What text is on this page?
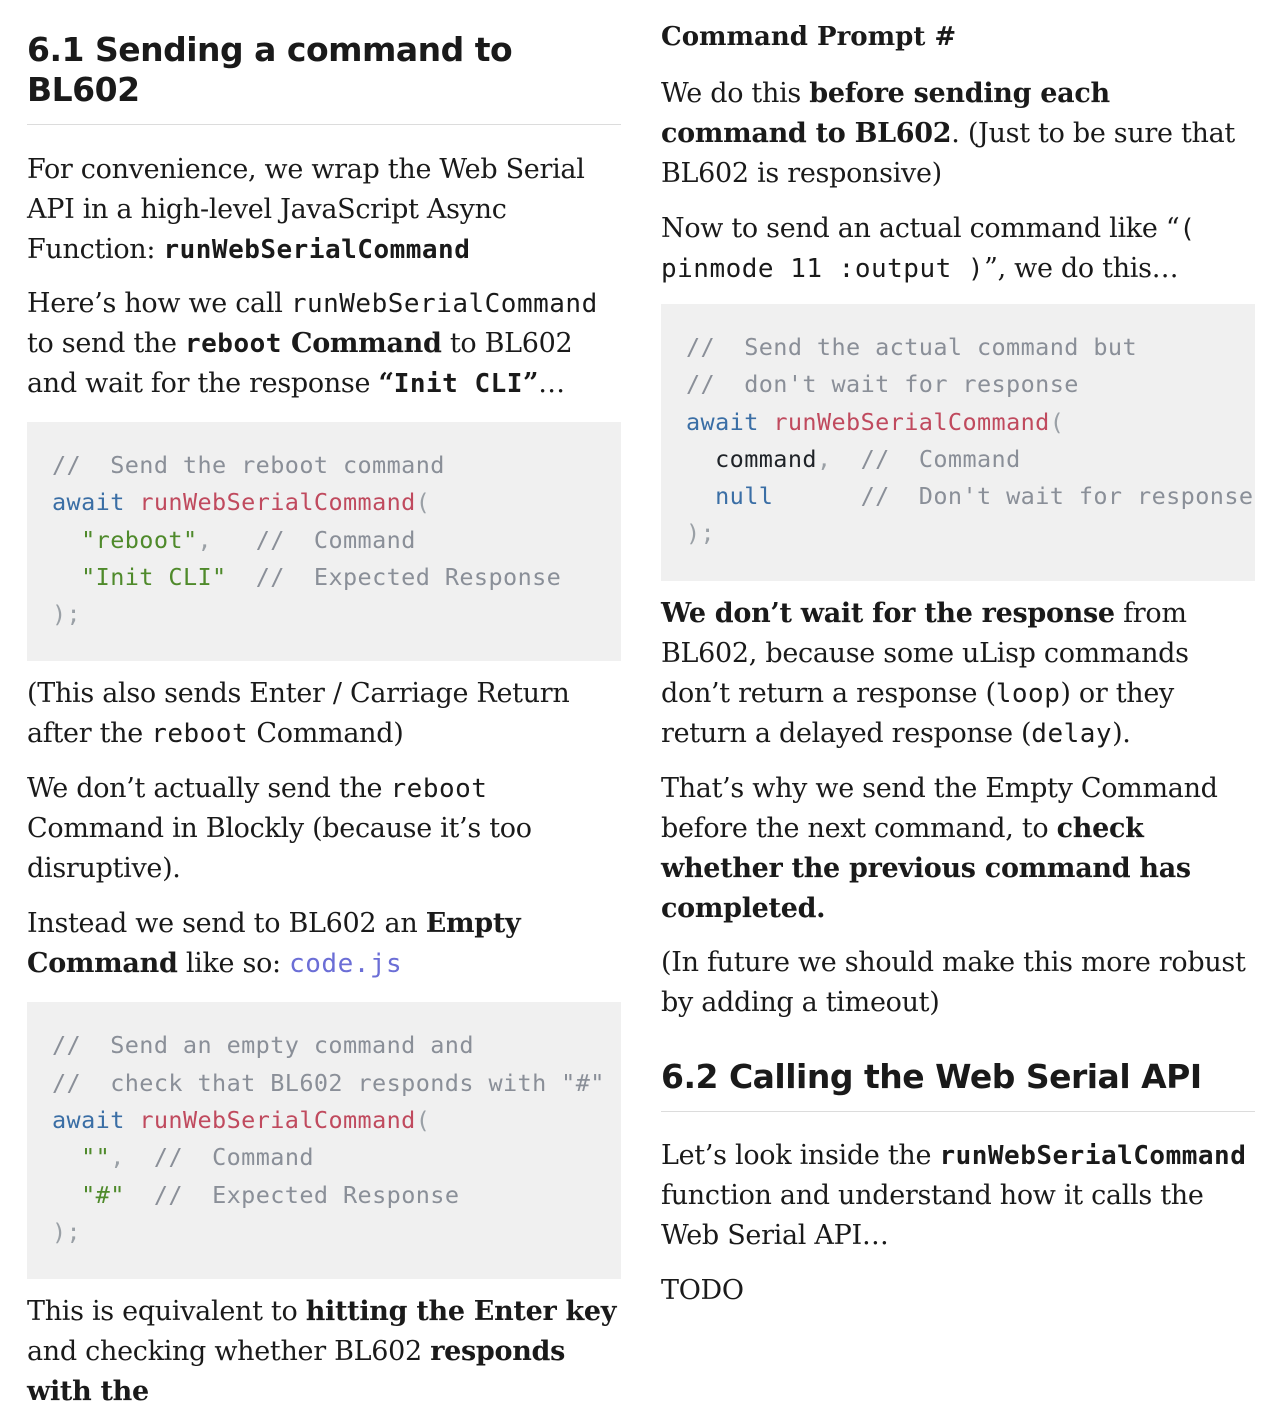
6.1 Sending a command to BL602

For convenience, we wrap the Web Serial API in a high-level JavaScript Async Function: runWebSerialCommand

Here’s how we call runWebSerialCommand to send the reboot Command to BL602 and wait for the response “Init CLI”…

//  Send the reboot command
await runWebSerialCommand(
"reboot", //  Command
"Init CLI" //  Expected Response
);

(This also sends Enter / Carriage Return after the reboot Command)

We don’t actually send the reboot Command in Blockly (because it’s too disruptive).

Instead we send to BL602 an Empty Command like so: code.js

//  Send an empty command and
//  check that BL602 responds with "#"
await runWebSerialCommand(
"", //  Command
"#" //  Expected Response
);

This is equivalent to hitting the Enter key and checking whether BL602 responds with the

Command Prompt #

We do this before sending each command to BL602. (Just to be sure that BL602 is responsive)

Now to send an actual command like “( pinmode 11 :output )”, we do this…

//  Send the actual command but
//  don't wait for response
await runWebSerialCommand(
command, //  Command
null	//  Don't wait for response
);

We don’t wait for the response from BL602, because some uLisp commands don’t return a response (loop) or they return a delayed response (delay).

That’s why we send the Empty Command before the next command, to check whether the previous command has completed.

(In future we should make this more robust by adding a timeout)

6.2 Calling the Web Serial API

Let’s look inside the runWebSerialCommand function and understand how it calls the Web Serial API…

TODO
